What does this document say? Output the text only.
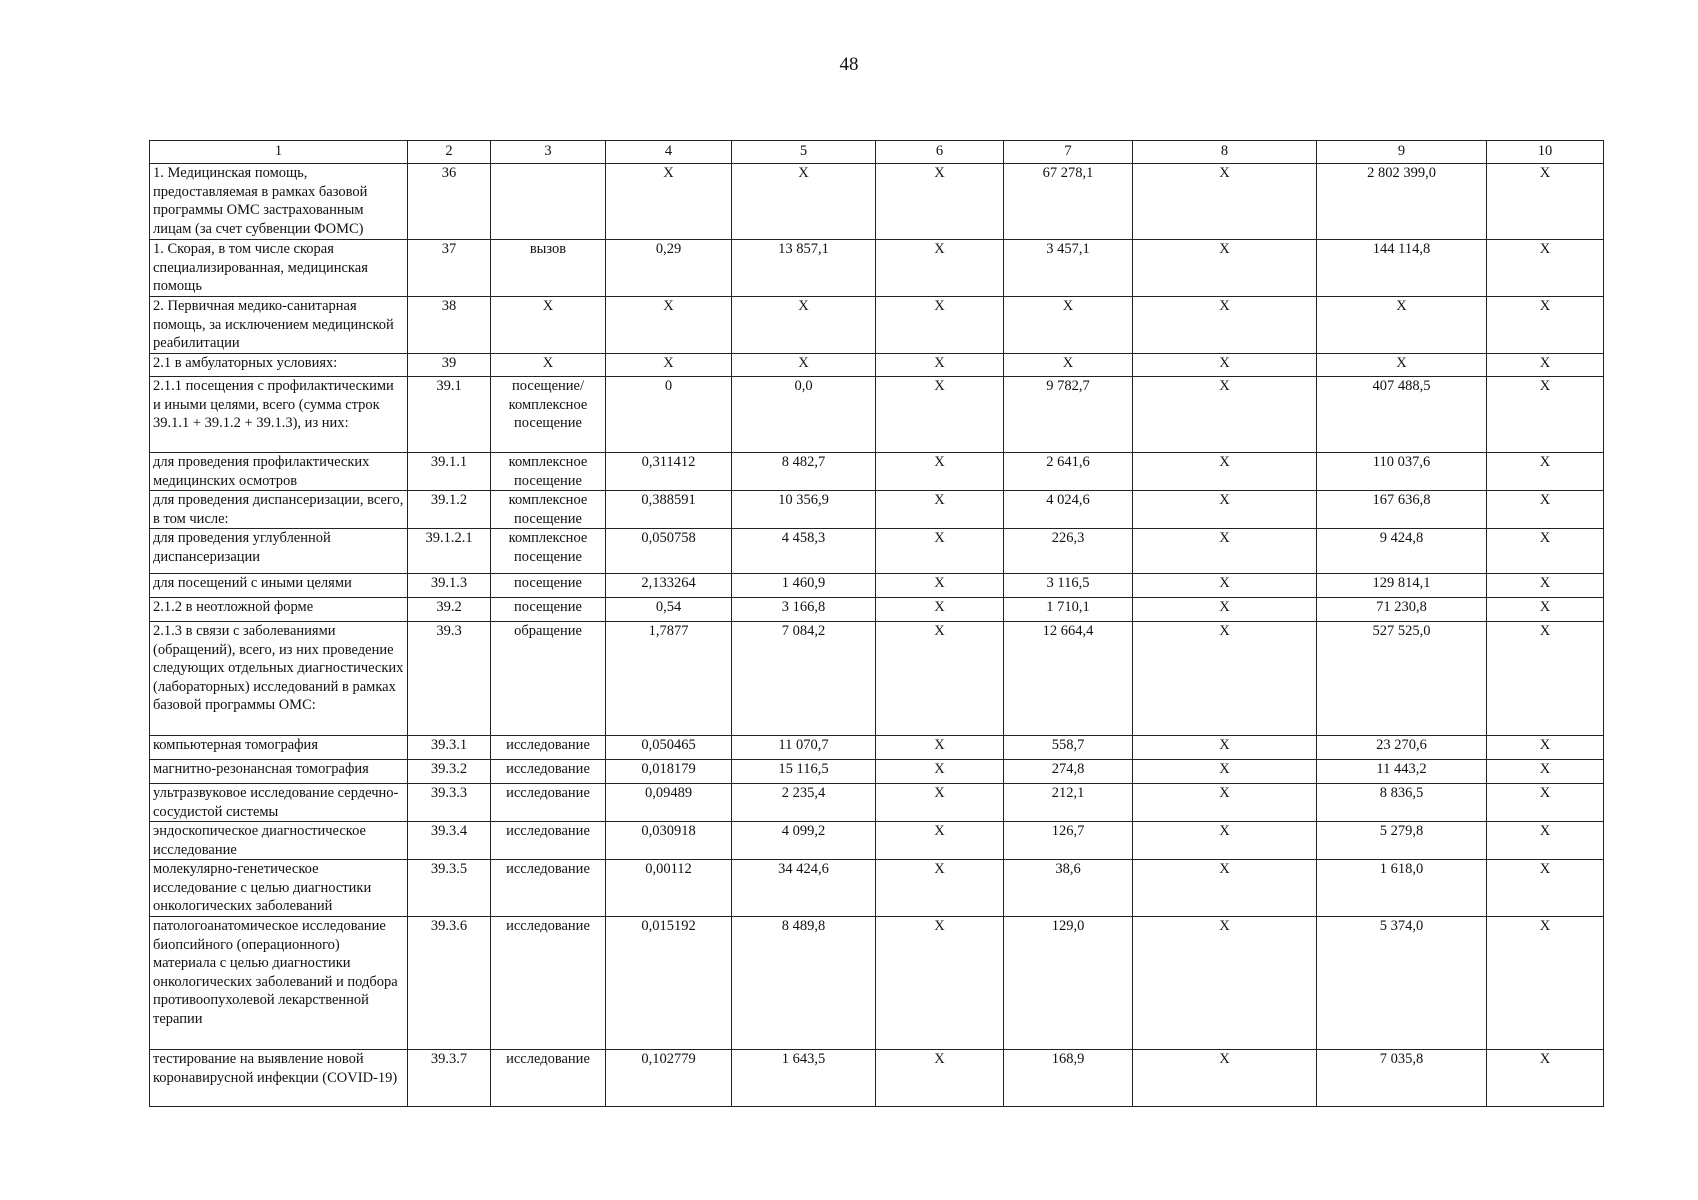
48
1	2	3	4	5	6	7	8	9	10
1. Медицинская помощь, предоставляемая в рамках базовой программы ОМС застрахованным лицам (за счет субвенции ФОМС)	36		X	X	X	67 278,1	X	2 802 399,0	X
1. Скорая, в том числе скорая специализированная, медицинская помощь	37	вызов	0,29	13 857,1	X	3 457,1	X	144 114,8	X
2. Первичная медико-санитарная помощь, за исключением медицинской реабилитации	38	X	X	X	X	X	X	X	X
2.1 в амбулаторных условиях:	39	X	X	X	X	X	X	X	X
2.1.1 посещения с профилактическими и иными целями, всего (сумма строк 39.1.1 + 39.1.2 + 39.1.3), из них:	39.1	посещение/ комплексное посещение	0	0,0	X	9 782,7	X	407 488,5	X
для проведения профилактических медицинских осмотров	39.1.1	комплексное посещение	0,311412	8 482,7	X	2 641,6	X	110 037,6	X
для проведения диспансеризации, всего, в том числе:	39.1.2	комплексное посещение	0,388591	10 356,9	X	4 024,6	X	167 636,8	X
для проведения углубленной диспансеризации	39.1.2.1	комплексное посещение	0,050758	4 458,3	X	226,3	X	9 424,8	X
для посещений с иными целями	39.1.3	посещение	2,133264	1 460,9	X	3 116,5	X	129 814,1	X
2.1.2 в неотложной форме	39.2	посещение	0,54	3 166,8	X	1 710,1	X	71 230,8	X
2.1.3 в связи с заболеваниями (обращений), всего, из них проведение следующих отдельных диагностических (лабораторных) исследований в рамках базовой программы ОМС:	39.3	обращение	1,7877	7 084,2	X	12 664,4	X	527 525,0	X
компьютерная томография	39.3.1	исследование	0,050465	11 070,7	X	558,7	X	23 270,6	X
магнитно-резонансная томография	39.3.2	исследование	0,018179	15 116,5	X	274,8	X	11 443,2	X
ультразвуковое исследование сердечно-сосудистой системы	39.3.3	исследование	0,09489	2 235,4	X	212,1	X	8 836,5	X
эндоскопическое диагностическое исследование	39.3.4	исследование	0,030918	4 099,2	X	126,7	X	5 279,8	X
молекулярно-генетическое исследование с целью диагностики онкологических заболеваний	39.3.5	исследование	0,00112	34 424,6	X	38,6	X	1 618,0	X
патологоанатомическое исследование биопсийного (операционного) материала с целью диагностики онкологических заболеваний и подбора противоопухолевой лекарственной терапии	39.3.6	исследование	0,015192	8 489,8	X	129,0	X	5 374,0	X
тестирование на выявление новой коронавирусной инфекции (COVID-19)	39.3.7	исследование	0,102779	1 643,5	X	168,9	X	7 035,8	X
